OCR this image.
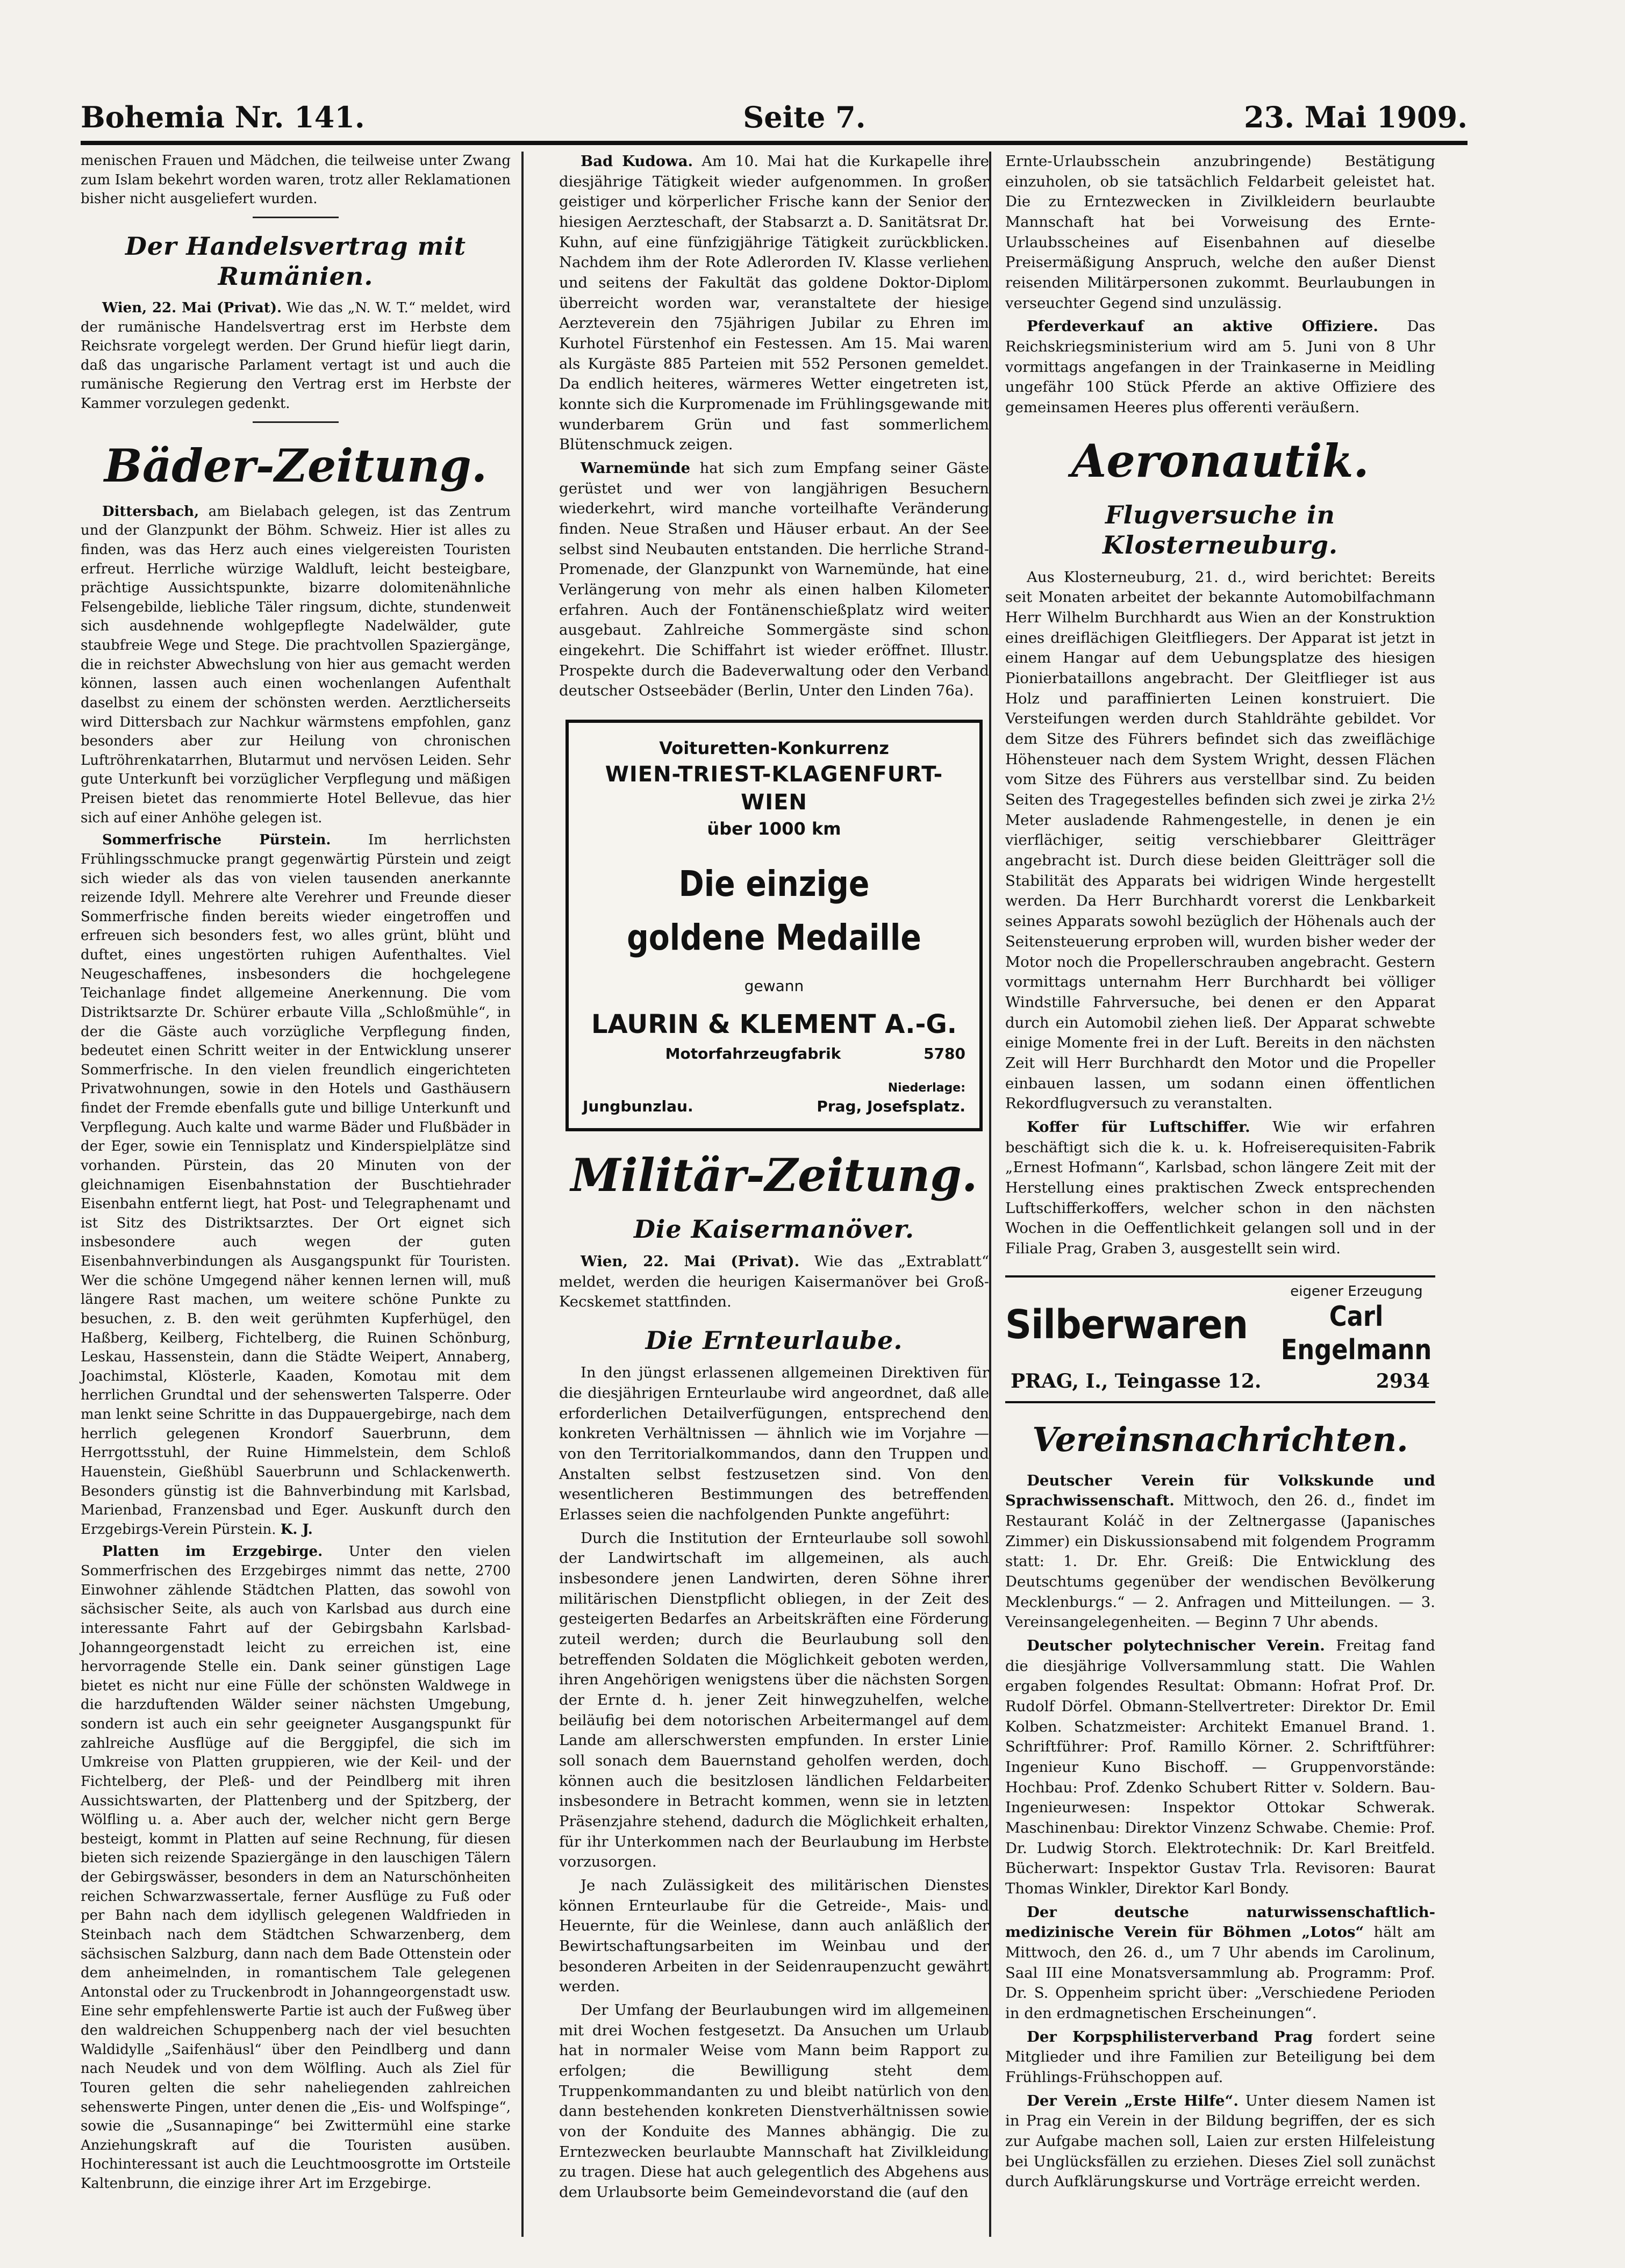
Bohemia Nr. 141.	Seite 7.	23. Mai 1909.

menischen Frauen und Mädchen, die teilweise unter Zwang zum Islam bekehrt worden waren, trotz aller Reklamationen bisher nicht ausgeliefert wurden.

Der Handelsvertrag mit Rumänien.

Wien, 22. Mai (Privat). Wie das „N. W. T.“ meldet, wird der rumänische Handelsvertrag erst im Herbste dem Reichsrate vorgelegt werden. Der Grund hiefür liegt darin, daß das ungarische Parlament vertagt ist und auch die rumänische Regierung den Vertrag erst im Herbste der Kammer vorzulegen gedenkt.

Bäder-Zeitung.

Dittersbach, am Bielabach gelegen, ist das Zentrum und der Glanzpunkt der Böhm. Schweiz. Hier ist alles zu finden, was das Herz auch eines vielgereisten Touristen erfreut. Herrliche würzige Waldluft, leicht besteigbare, prächtige Aussichtspunkte, bizarre dolomitenähnliche Felsengebilde, liebliche Täler ringsum, dichte, stundenweit sich ausdehnende wohlgepflegte Nadelwälder, gute staubfreie Wege und Stege. Die prachtvollen Spaziergänge, die in reichster Abwechslung von hier aus gemacht werden können, lassen auch einen wochenlangen Aufenthalt daselbst zu einem der schönsten werden. Aerztlicherseits wird Dittersbach zur Nachkur wärmstens empfohlen, ganz besonders aber zur Heilung von chronischen Luftröhrenkatarrhen, Blutarmut und nervösen Leiden. Sehr gute Unterkunft bei vorzüglicher Verpflegung und mäßigen Preisen bietet das renommierte Hotel Bellevue, das hier sich auf einer Anhöhe gelegen ist.

Sommerfrische Pürstein.	Im herrlichsten Frühlingsschmucke prangt gegenwärtig Pürstein und zeigt sich wieder als das von vielen tausenden anerkannte reizende Idyll. Mehrere alte Verehrer und Freunde dieser Sommerfrische finden bereits wieder eingetroffen und erfreuen sich besonders fest, wo alles grünt, blüht und duftet, eines ungestörten ruhigen Aufenthaltes. Viel Neugeschaffenes, insbesonders die hochgelegene Teichanlage findet allgemeine Anerkennung. Die vom Distriktsarzte Dr. Schürer erbaute Villa „Schloßmühle“, in der die Gäste auch vorzügliche Verpflegung finden, bedeutet einen Schritt weiter in der Entwicklung unserer Sommerfrische. In den vielen freundlich eingerichteten Privatwohnungen, sowie in den Hotels und Gasthäusern findet der Fremde ebenfalls gute und billige Unterkunft und Verpflegung. Auch kalte und warme Bäder und Flußbäder in der Eger, sowie ein Tennisplatz und Kinderspielplätze sind vorhanden. Pürstein, das 20 Minuten von der gleichnamigen Eisenbahnstation der Buschtiehrader Eisenbahn entfernt liegt, hat Post- und Telegraphenamt und ist Sitz des Distriktsarztes. Der Ort eignet sich insbesondere auch wegen der guten Eisenbahnverbindungen als Ausgangspunkt für Touristen. Wer die schöne Umgegend näher kennen lernen will, muß längere Rast machen, um weitere schöne Punkte zu besuchen, z. B. den weit gerühmten Kupferhügel, den Haßberg, Keilberg, Fichtelberg, die Ruinen Schönburg, Leskau, Hassenstein, dann die Städte Weipert, Annaberg, Joachimstal, Klösterle, Kaaden, Komotau mit dem herrlichen Grundtal und der sehenswerten Talsperre. Oder man lenkt seine Schritte in das Duppauergebirge, nach dem herrlich gelegenen Krondorf Sauerbrunn, dem Herrgottsstuhl, der Ruine Himmelstein, dem Schloß Hauenstein, Gießhübl Sauerbrunn und Schlackenwerth. Besonders günstig ist die Bahnverbindung mit Karlsbad, Marienbad, Franzensbad und Eger. Auskunft durch den Erzgebirgs-Verein Pürstein. K. J.

Platten im Erzgebirge. Unter den vielen Sommerfrischen des Erzgebirges nimmt das nette, 2700 Einwohner zählende Städtchen Platten, das sowohl von sächsischer Seite, als auch von Karlsbad aus durch eine interessante Fahrt auf der Gebirgsbahn Karlsbad-Johanngeorgenstadt leicht zu erreichen ist, eine hervorragende Stelle ein. Dank seiner günstigen Lage bietet es nicht nur eine Fülle der schönsten Waldwege in die harzduftenden Wälder seiner nächsten Umgebung, sondern ist auch ein sehr geeigneter Ausgangspunkt für zahlreiche Ausflüge auf die Berggipfel, die sich im Umkreise von Platten gruppieren, wie der Keil- und der Fichtelberg, der Pleß- und der Peindlberg mit ihren Aussichtswarten, der Plattenberg und der Spitzberg, der Wölfling u. a. Aber auch der, welcher nicht gern Berge besteigt, kommt in Platten auf seine Rechnung, für diesen bieten sich reizende Spaziergänge in den lauschigen Tälern der Gebirgswässer, besonders in dem an Naturschönheiten reichen Schwarzwassertale, ferner Ausflüge zu Fuß oder per Bahn nach dem idyllisch gelegenen Waldfrieden in Steinbach nach dem Städtchen Schwarzenberg, dem sächsischen Salzburg, dann nach dem Bade Ottenstein oder dem anheimelnden, in romantischem Tale gelegenen Antonstal oder zu Truckenbrodt in Johanngeorgenstadt usw. Eine sehr empfehlenswerte Partie ist auch der Fußweg über den waldreichen Schuppenberg nach der viel besuchten Waldidylle „Saifenhäusl“ über den Peindlberg und dann nach Neudek und von dem Wölfling. Auch als Ziel für Touren gelten die sehr naheliegenden zahlreichen sehenswerte Pingen, unter denen die „Eis- und Wolfspinge“, sowie die „Susannapinge“ bei Zwittermühl eine starke Anziehungskraft auf die Touristen ausüben. Hochinteressant ist auch die Leuchtmoosgrotte im Ortsteile Kaltenbrunn, die einzige ihrer Art im Erzgebirge.

Bad Kudowa. Am 10. Mai hat die Kurkapelle ihre diesjährige Tätigkeit wieder aufgenommen. In großer geistiger und körperlicher Frische kann der Senior der hiesigen Aerzteschaft, der Stabsarzt a. D. Sanitätsrat Dr. Kuhn, auf eine fünfzigjährige Tätigkeit zurückblicken. Nachdem ihm der Rote Adlerorden IV. Klasse verliehen und seitens der Fakultät das goldene Doktor-Diplom überreicht worden war, veranstaltete der hiesige Aerzteverein den 75jährigen Jubilar zu Ehren im Kurhotel Fürstenhof ein Festessen. Am 15. Mai waren als Kurgäste 885 Parteien mit 552 Personen gemeldet. Da endlich heiteres, wärmeres Wetter eingetreten ist, konnte sich die Kurpromenade im Frühlingsgewande mit wunderbarem Grün und fast sommerlichem Blütenschmuck zeigen.

Warnemünde hat sich zum Empfang seiner Gäste gerüstet und wer von langjährigen Besuchern wiederkehrt, wird manche vorteilhafte Veränderung finden. Neue Straßen und Häuser erbaut. An der See selbst sind Neubauten entstanden. Die herrliche Strand-Promenade, der Glanzpunkt von Warnemünde, hat eine Verlängerung von mehr als einen halben Kilometer erfahren. Auch der Fontänenschießplatz wird weiter ausgebaut. Zahlreiche Sommergäste sind schon eingekehrt. Die Schiffahrt ist wieder eröffnet. Illustr. Prospekte durch die Badeverwaltung oder den Verband deutscher Ostseebäder (Berlin, Unter den Linden 76a).

Voituretten-Konkurrenz
WIEN-TRIEST-KLAGENFURT-WIEN
über 1000 km
Die einzige goldene Medaille
gewann
LAURIN & KLEMENT A.-G.
Motorfahrzeugfabrik	5780
Jungbunzlau.
Niederlage:
Prag, Josefsplatz.
Militär-Zeitung.
Die Kaisermanöver.

Wien, 22. Mai (Privat). Wie das „Extrablatt“ meldet, werden die heurigen Kaisermanöver bei Groß-Kecskemet stattfinden.

Die Ernteurlaube.

In den jüngst erlassenen allgemeinen Direktiven für die diesjährigen Ernteurlaube wird angeordnet, daß alle erforderlichen Detailverfügungen, entsprechend den konkreten Verhältnissen — ähnlich wie im Vorjahre — von den Territorialkommandos, dann den Truppen und Anstalten selbst festzusetzen sind. Von den wesentlicheren Bestimmungen des betreffenden Erlasses seien die nachfolgenden Punkte angeführt:

Durch die Institution der Ernteurlaube soll sowohl der Landwirtschaft im allgemeinen, als auch insbesondere jenen Landwirten, deren Söhne ihrer militärischen Dienstpflicht obliegen, in der Zeit des gesteigerten Bedarfes an Arbeitskräften eine Förderung zuteil werden; durch die Beurlaubung soll den betreffenden Soldaten die Möglichkeit geboten werden, ihren Angehörigen wenigstens über die nächsten Sorgen der Ernte d. h. jener Zeit hinwegzuhelfen, welche beiläufig bei dem notorischen Arbeitermangel auf dem Lande am allerschwersten empfunden. In erster Linie soll sonach dem Bauernstand geholfen werden, doch können auch die besitzlosen ländlichen Feldarbeiter insbesondere in Betracht kommen, wenn sie in letzten Präsenzjahre stehend, dadurch die Möglichkeit erhalten, für ihr Unterkommen nach der Beurlaubung im Herbste vorzusorgen.

Je nach Zulässigkeit des militärischen Dienstes können Ernteurlaube für die Getreide-, Mais- und Heuernte, für die Weinlese, dann auch anläßlich der Bewirtschaftungsarbeiten im Weinbau und der besonderen Arbeiten in der Seidenraupenzucht gewährt werden.

Der Umfang der Beurlaubungen wird im allgemeinen mit drei Wochen festgesetzt. Da Ansuchen um Urlaub hat in normaler Weise vom Mann beim Rapport zu erfolgen; die Bewilligung steht dem Truppenkommandanten zu und bleibt natürlich von den dann bestehenden konkreten Dienstverhältnissen sowie von der Konduite des Mannes abhängig. Die zu Erntezwecken beurlaubte Mannschaft hat Zivilkleidung zu tragen. Diese hat auch gelegentlich des Abgehens aus dem Urlaubsorte beim Gemeindevorstand die (auf den

Ernte-Urlaubsschein anzubringende) Bestätigung einzuholen, ob sie tatsächlich Feldarbeit geleistet hat. Die zu Erntezwecken in Zivilkleidern beurlaubte Mannschaft hat bei Vorweisung des Ernte-Urlaubsscheines auf Eisenbahnen auf dieselbe Preisermäßigung Anspruch, welche den außer Dienst reisenden Militärpersonen zukommt. Beurlaubungen in verseuchter Gegend sind unzulässig.

Pferdeverkauf an aktive Offiziere. Das Reichskriegsministerium wird am 5. Juni von 8 Uhr vormittags angefangen in der Trainkaserne in Meidling ungefähr 100 Stück Pferde an aktive Offiziere des gemeinsamen Heeres plus offerenti veräußern.

Aeronautik.
Flugversuche in Klosterneuburg.

Aus Klosterneuburg, 21. d., wird berichtet: Bereits seit Monaten arbeitet der bekannte Automobilfachmann Herr Wilhelm Burchhardt aus Wien an der Konstruktion eines dreiflächigen Gleitfliegers. Der Apparat ist jetzt in einem Hangar auf dem Uebungsplatze des hiesigen Pionierbataillons angebracht. Der Gleitflieger ist aus Holz und paraffinierten Leinen konstruiert. Die Versteifungen werden durch Stahldrähte gebildet. Vor dem Sitze des Führers befindet sich das zweiflächige Höhensteuer nach dem System Wright, dessen Flächen vom Sitze des Führers aus verstellbar sind. Zu beiden Seiten des Tragegestelles befinden sich zwei je zirka 2½ Meter ausladende Rahmengestelle, in denen je ein vierflächiger, seitig verschiebbarer Gleitträger angebracht ist. Durch diese beiden Gleitträger soll die Stabilität des Apparats bei widrigen Winde hergestellt werden. Da Herr Burchhardt vorerst die Lenkbarkeit seines Apparats sowohl bezüglich der Höhenals auch der Seitensteuerung erproben will, wurden bisher weder der Motor noch die Propellerschrauben angebracht. Gestern vormittags unternahm Herr Burchhardt bei völliger Windstille Fahrversuche, bei denen er den Apparat durch ein Automobil ziehen ließ. Der Apparat schwebte einige Momente frei in der Luft. Bereits in den nächsten Zeit will Herr Burchhardt den Motor und die Propeller einbauen lassen, um sodann einen öffentlichen Rekordflugversuch zu veranstalten.

Koffer für Luftschiffer. Wie wir erfahren beschäftigt sich die k. u. k. Hofreiserequisiten-Fabrik „Ernest Hofmann“, Karlsbad, schon längere Zeit mit der Herstellung eines praktischen Zweck entsprechenden Luftschifferkoffers, welcher schon in den nächsten Wochen in die Oeffentlichkeit gelangen soll und in der Filiale Prag, Graben 3, ausgestellt sein wird.

Silberwaren
eigener Erzeugung
Carl Engelmann
PRAG, I., Teingasse 12.	2934
Vereinsnachrichten.

Deutscher Verein für Volkskunde und Sprachwissenschaft. Mittwoch, den 26. d., findet im Restaurant Koláč in der Zeltnergasse (Japanisches Zimmer) ein Diskussionsabend mit folgendem Programm statt: 1. Dr. Ehr. Greiß: Die Entwicklung des Deutschtums gegenüber der wendischen Bevölkerung Mecklenburgs.“ — 2. Anfragen und Mitteilungen. — 3. Vereinsangelegenheiten. — Beginn 7 Uhr abends.

Deutscher polytechnischer Verein. Freitag fand die diesjährige Vollversammlung statt. Die Wahlen ergaben folgendes Resultat: Obmann: Hofrat Prof. Dr. Rudolf Dörfel. Obmann-Stellvertreter: Direktor Dr. Emil Kolben. Schatzmeister: Architekt Emanuel Brand. 1. Schriftführer: Prof. Ramillo Körner. 2. Schriftführer: Ingenieur Kuno Bischoff. — Gruppenvorstände: Hochbau: Prof. Zdenko Schubert Ritter v. Soldern. Bau-Ingenieurwesen: Inspektor Ottokar Schwerak. Maschinenbau: Direktor Vinzenz Schwabe. Chemie: Prof. Dr. Ludwig Storch. Elektrotechnik: Dr. Karl Breitfeld. Bücherwart: Inspektor Gustav Trla. Revisoren: Baurat Thomas Winkler, Direktor Karl Bondy.

Der deutsche naturwissenschaftlich-medizinische Verein für Böhmen „Lotos“ hält am Mittwoch, den 26. d., um 7 Uhr abends im Carolinum, Saal III eine Monatsversammlung ab. Programm: Prof. Dr. S. Oppenheim spricht über: „Verschiedene Perioden in den erdmagnetischen Erscheinungen“.

Der Korpsphilisterverband Prag fordert seine Mitglieder und ihre Familien zur Beteiligung bei dem Frühlings-Frühschoppen auf.

Der Verein „Erste Hilfe“. Unter diesem Namen ist in Prag ein Verein in der Bildung begriffen, der es sich zur Aufgabe machen soll, Laien zur ersten Hilfeleistung bei Unglücksfällen zu erziehen. Dieses Ziel soll zunächst durch Aufklärungskurse und Vorträge erreicht werden.
